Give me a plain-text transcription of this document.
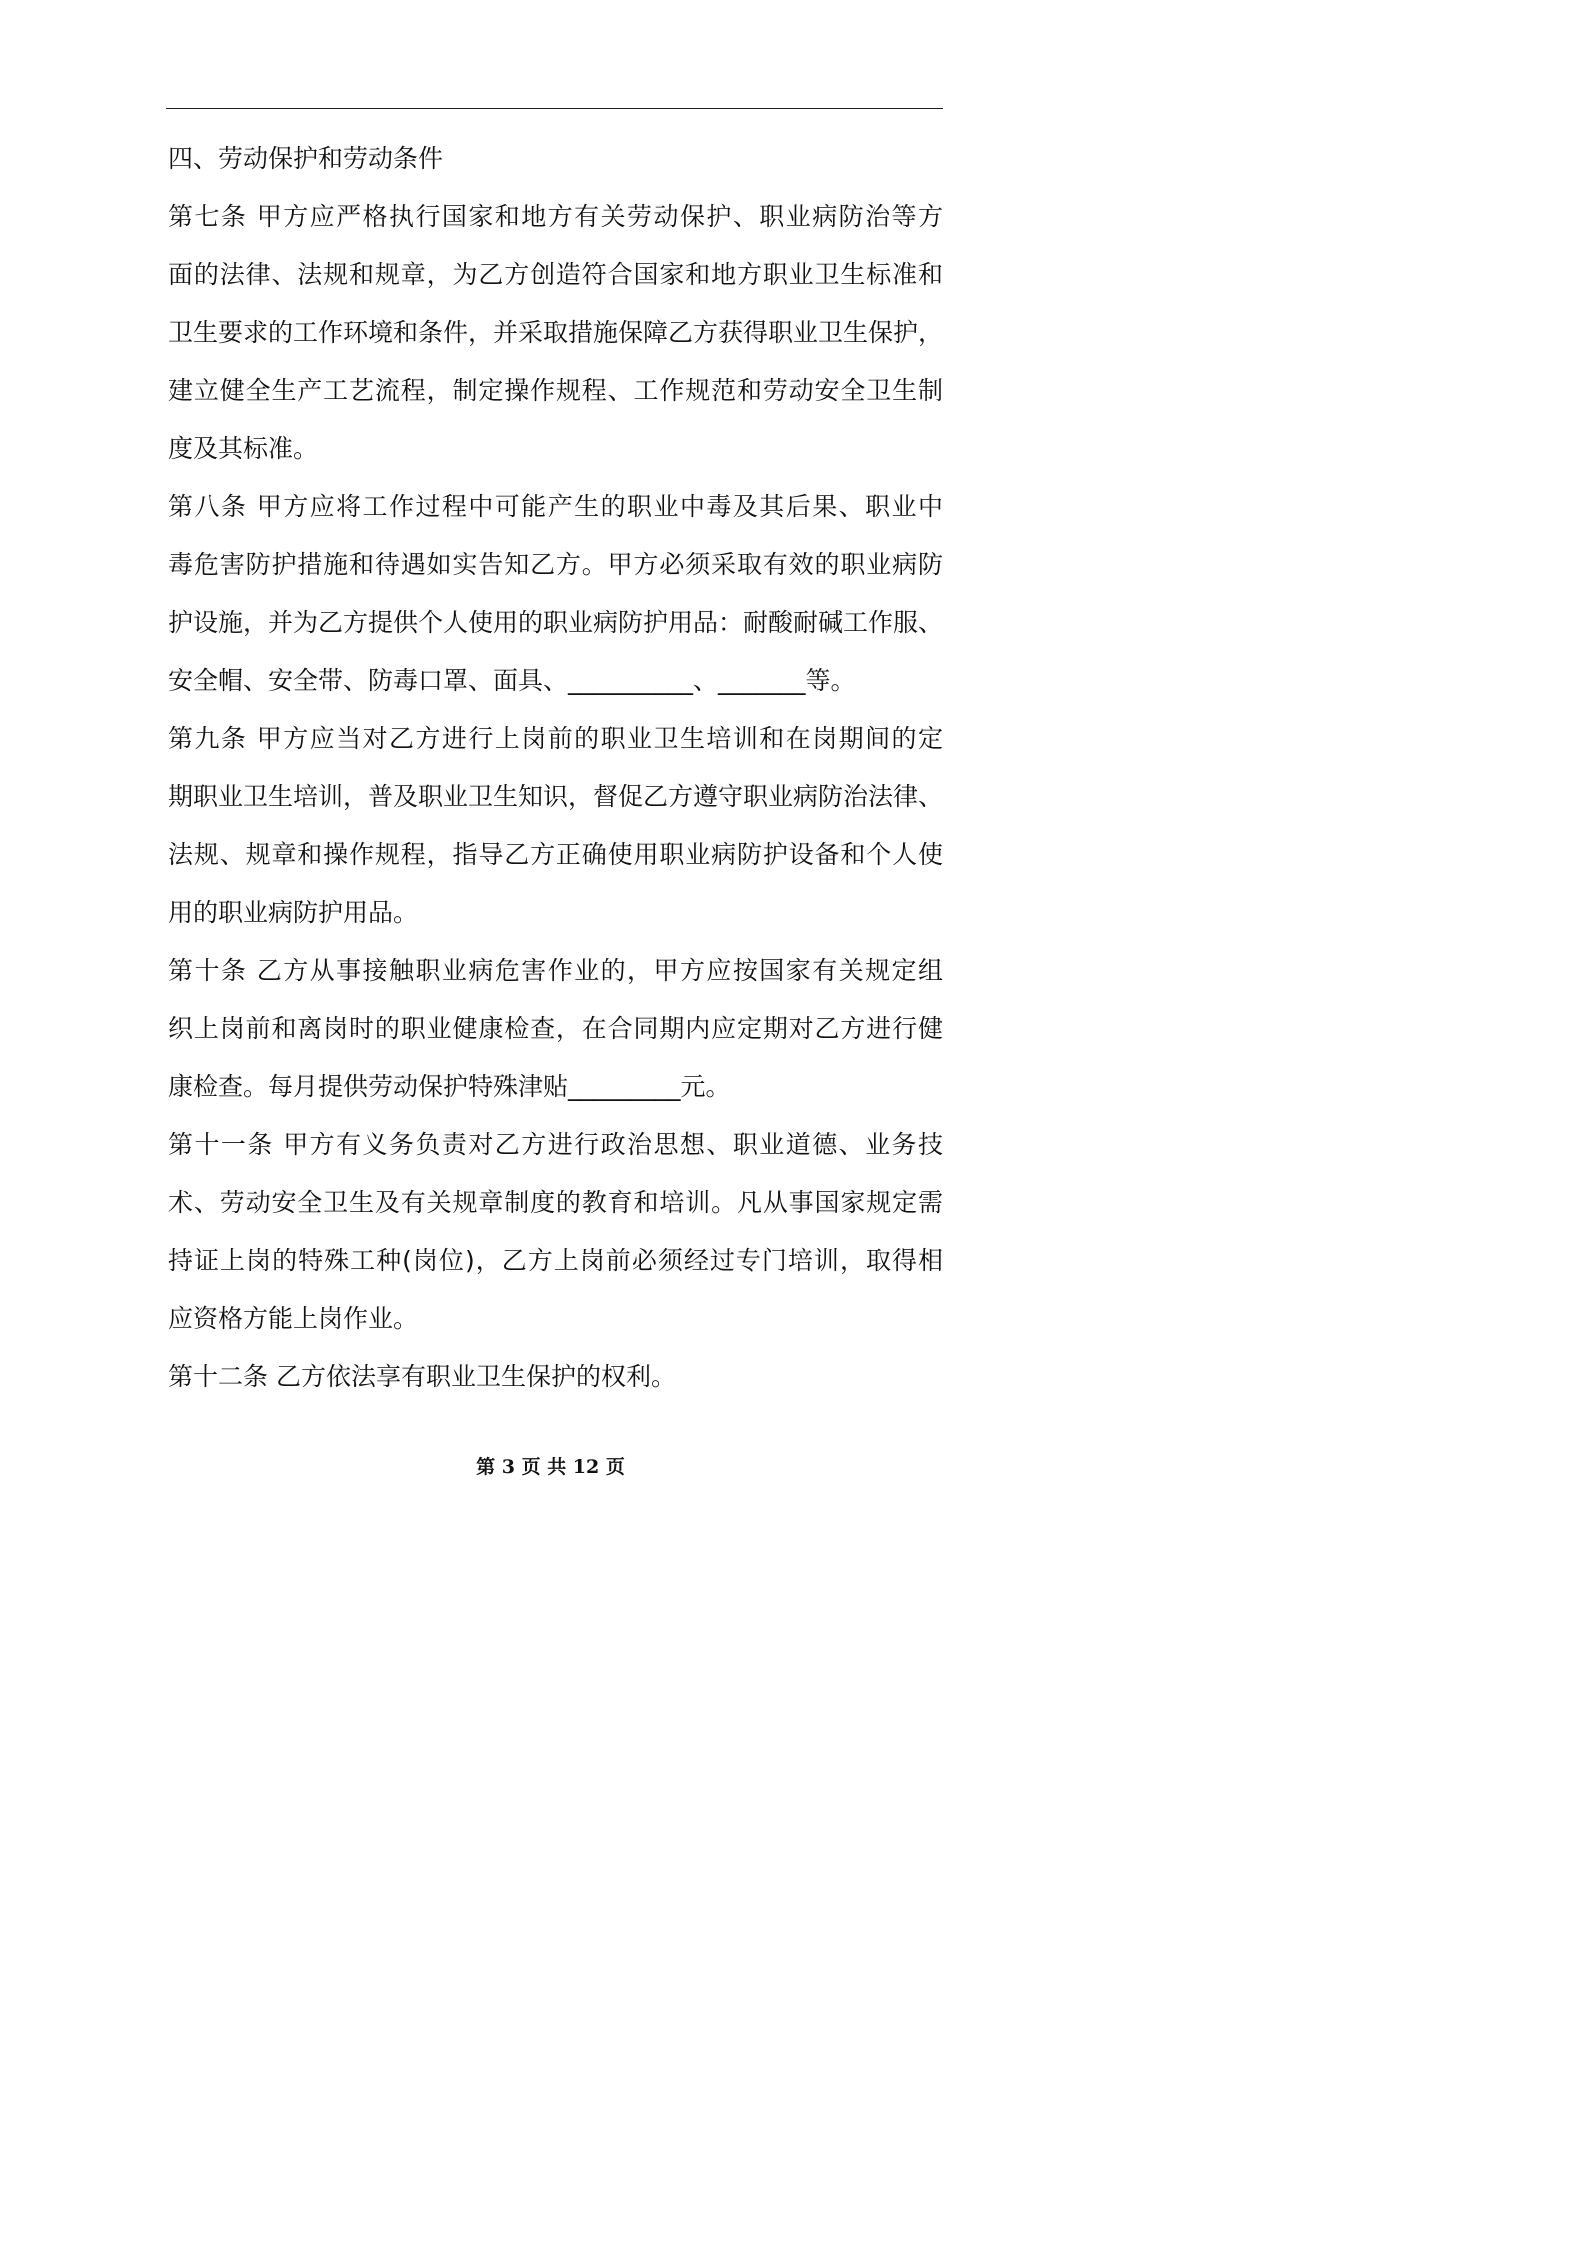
四、劳动保护和劳动条件
第七条 甲方应严格执行国家和地方有关劳动保护、职业病防治等方
面的法律、法规和规章，为乙方创造符合国家和地方职业卫生标准和
卫生要求的工作环境和条件，并采取措施保障乙方获得职业卫生保护，
建立健全生产工艺流程，制定操作规程、工作规范和劳动安全卫生制
度及其标准。
第八条 甲方应将工作过程中可能产生的职业中毒及其后果、职业中
毒危害防护措施和待遇如实告知乙方。甲方必须采取有效的职业病防
护设施，并为乙方提供个人使用的职业病防护用品：耐酸耐碱工作服、
安全帽、安全带、防毒口罩、面具、__________、_______等。
第九条 甲方应当对乙方进行上岗前的职业卫生培训和在岗期间的定
期职业卫生培训，普及职业卫生知识，督促乙方遵守职业病防治法律、
法规、规章和操作规程，指导乙方正确使用职业病防护设备和个人使
用的职业病防护用品。
第十条 乙方从事接触职业病危害作业的，甲方应按国家有关规定组
织上岗前和离岗时的职业健康检查，在合同期内应定期对乙方进行健
康检查。每月提供劳动保护特殊津贴_________元。
第十一条 甲方有义务负责对乙方进行政治思想、职业道德、业务技
术、劳动安全卫生及有关规章制度的教育和培训。凡从事国家规定需
持证上岗的特殊工种(岗位)，乙方上岗前必须经过专门培训，取得相
应资格方能上岗作业。
第十二条 乙方依法享有职业卫生保护的权利。
第 3 页 共 12 页
